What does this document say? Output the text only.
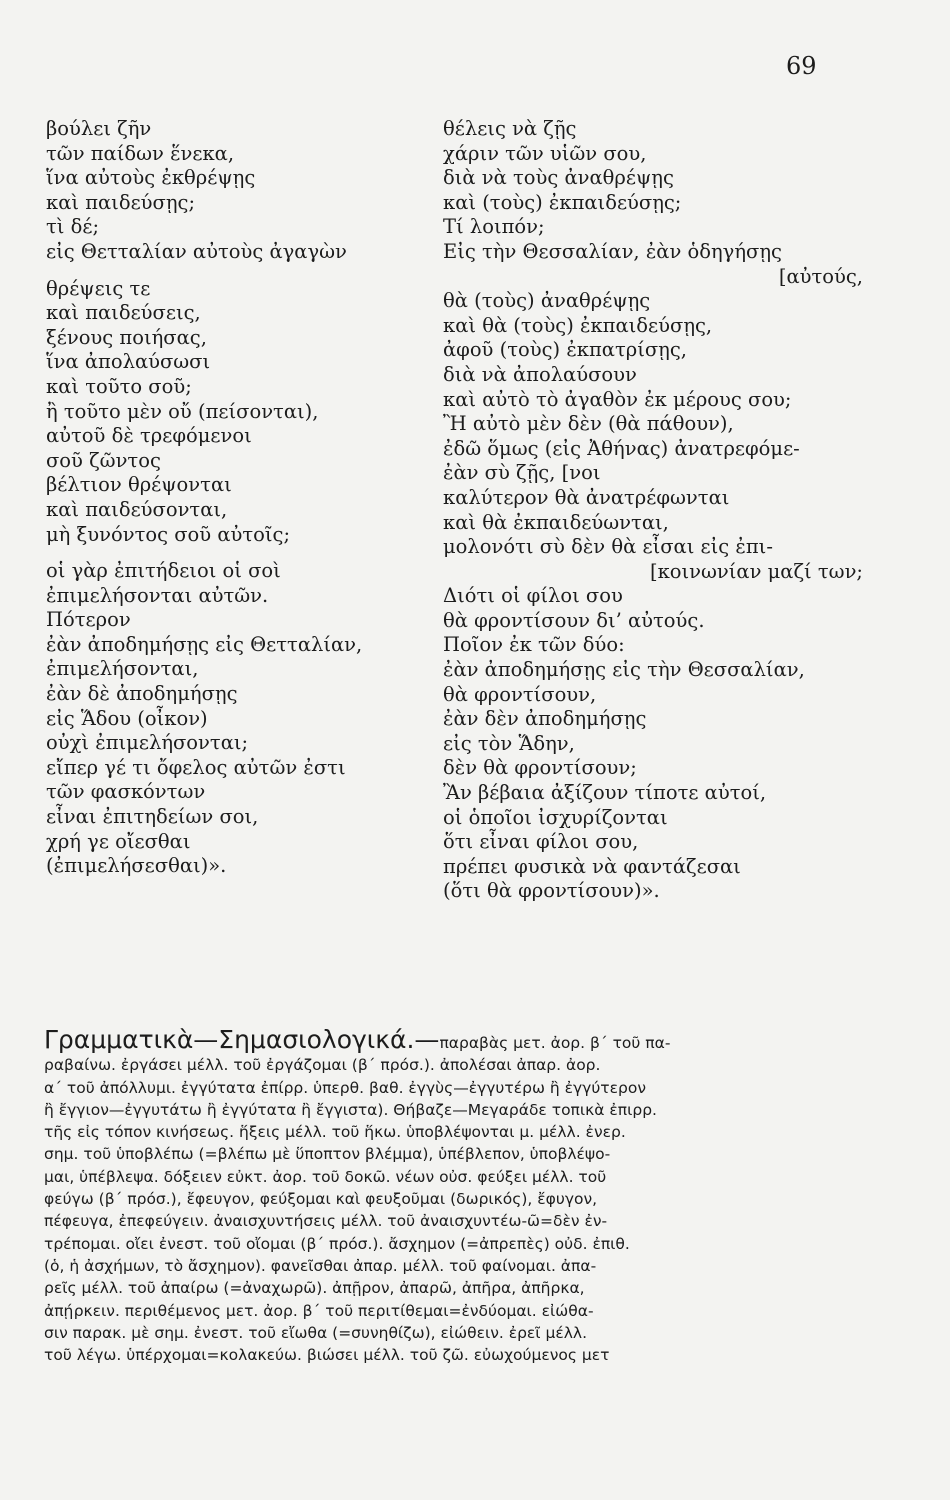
69
βούλει ζῆν
τῶν παίδων ἕνεκα,
ἵνα αὐτοὺς ἐκθρέψῃς
καὶ παιδεύσῃς;
τὶ δέ;
εἰς Θετταλίαν αὐτοὺς ἀγαγὼν
θρέψεις τε
καὶ παιδεύσεις,
ξένους ποιήσας,
ἵνα ἀπολαύσωσι
καὶ τοῦτο σοῦ;
ἢ τοῦτο μὲν οὔ (πείσονται),
αὐτοῦ δὲ τρεφόμενοι
σοῦ ζῶντος
βέλτιον θρέψονται
καὶ παιδεύσονται,
μὴ ξυνόντος σοῦ αὐτοῖς;
οἱ γὰρ ἐπιτήδειοι οἱ σοὶ
ἐπιμελήσονται αὐτῶν.
Πότερον
ἐὰν ἀποδημήσῃς εἰς Θετταλίαν,
ἐπιμελήσονται,
ἐὰν δὲ ἀποδημήσῃς
εἰς Ἅδου (οἶκον)
οὐχὶ ἐπιμελήσονται;
εἴπερ γέ τι ὄφελος αὐτῶν ἐστι
τῶν φασκόντων
εἶναι ἐπιτηδείων σοι,
χρή γε οἴεσθαι
(ἐπιμελήσεσθαι)».
θέλεις νὰ ζῇς
χάριν τῶν υἱῶν σου,
διὰ νὰ τοὺς ἀναθρέψῃς
καὶ (τοὺς) ἐκπαιδεύσῃς;
Τί λοιπόν;
Εἰς τὴν Θεσσαλίαν, ἐὰν ὁδηγήσῃς
[αὐτούς,
θὰ (τοὺς) ἀναθρέψῃς
καὶ θὰ (τοὺς) ἐκπαιδεύσῃς,
ἀφοῦ (τοὺς) ἐκπατρίσῃς,
διὰ νὰ ἀπολαύσουν
καὶ αὐτὸ τὸ ἀγαθὸν ἐκ μέρους σου;
Ἢ αὐτὸ μὲν δὲν (θὰ πάθουν),
ἐδῶ ὅμως (εἰς Ἀθήνας) ἀνατρεφόμε-
ἐὰν σὺ ζῇς, [νοι
καλύτερον θὰ ἀνατρέφωνται
καὶ θὰ ἐκπαιδεύωνται,
μολονότι σὺ δὲν θὰ εἶσαι εἰς ἐπι-
[κοινωνίαν μαζί των;
Διότι οἱ φίλοι σου
θὰ φροντίσουν δι’ αὐτούς.
Ποῖον ἐκ τῶν δύο:
ἐὰν ἀποδημήσῃς εἰς τὴν Θεσσαλίαν,
θὰ φροντίσουν,
ἐὰν δὲν ἀποδημήσῃς
εἰς τὸν Ἅδην,
δὲν θὰ φροντίσουν;
Ἂν βέβαια ἀξίζουν τίποτε αὐτοί,
οἱ ὁποῖοι ἰσχυρίζονται
ὅτι εἶναι φίλοι σου,
πρέπει φυσικὰ νὰ φαντάζεσαι
(ὅτι θὰ φροντίσουν)».
Γραμματικὰ—Σημασιολογικά.—παραβὰς μετ. ἀορ. β΄ τοῦ πα-
ραβαίνω. ἐργάσει μέλλ. τοῦ ἐργάζομαι (β΄ πρόσ.). ἀπολέσαι ἀπαρ. ἀορ.
α΄ τοῦ ἀπόλλυμι. ἐγγύτατα ἐπίρρ. ὑπερθ. βαθ. ἐγγὺς—ἐγγυτέρω ἢ ἐγγύτερον
ἢ ἔγγιον—ἐγγυτάτω ἢ ἐγγύτατα ἢ ἔγγιστα). Θήβαζε—Μεγαράδε τοπικὰ ἐπιρρ.
τῆς εἰς τόπον κινήσεως. ἥξεις μέλλ. τοῦ ἥκω. ὑποβλέψονται μ. μέλλ. ἐνερ.
σημ. τοῦ ὑποβλέπω (=βλέπω μὲ ὕποπτον βλέμμα), ὑπέβλεπον, ὑποβλέψο-
μαι, ὑπέβλεψα. δόξειεν εὐκτ. ἀορ. τοῦ δοκῶ. νέων οὐσ. φεύξει μέλλ. τοῦ
φεύγω (β΄ πρόσ.), ἔφευγον, φεύξομαι καὶ φευξοῦμαι (δωρικός), ἔφυγον,
πέφευγα, ἐπεφεύγειν. ἀναισχυντήσεις μέλλ. τοῦ ἀναισχυντέω-ῶ=δὲν ἐν-
τρέπομαι. οἴει ἐνεστ. τοῦ οἴομαι (β΄ πρόσ.). ἄσχημον (=ἀπρεπὲς) οὐδ. ἐπιθ.
(ὁ, ἡ ἀσχήμων, τὸ ἄσχημον). φανεῖσθαι ἀπαρ. μέλλ. τοῦ φαίνομαι. ἀπα-
ρεῖς μέλλ. τοῦ ἀπαίρω (=ἀναχωρῶ). ἀπῇρον, ἀπαρῶ, ἀπῆρα, ἀπῆρκα,
ἀπῄρκειν. περιθέμενος μετ. ἀορ. β΄ τοῦ περιτίθεμαι=ἐνδύομαι. εἰώθα-
σιν παρακ. μὲ σημ. ἐνεστ. τοῦ εἴωθα (=συνηθίζω), εἰώθειν. ἐρεῖ μέλλ.
τοῦ λέγω. ὑπέρχομαι=κολακεύω. βιώσει μέλλ. τοῦ ζῶ. εὐωχούμενος μετ
